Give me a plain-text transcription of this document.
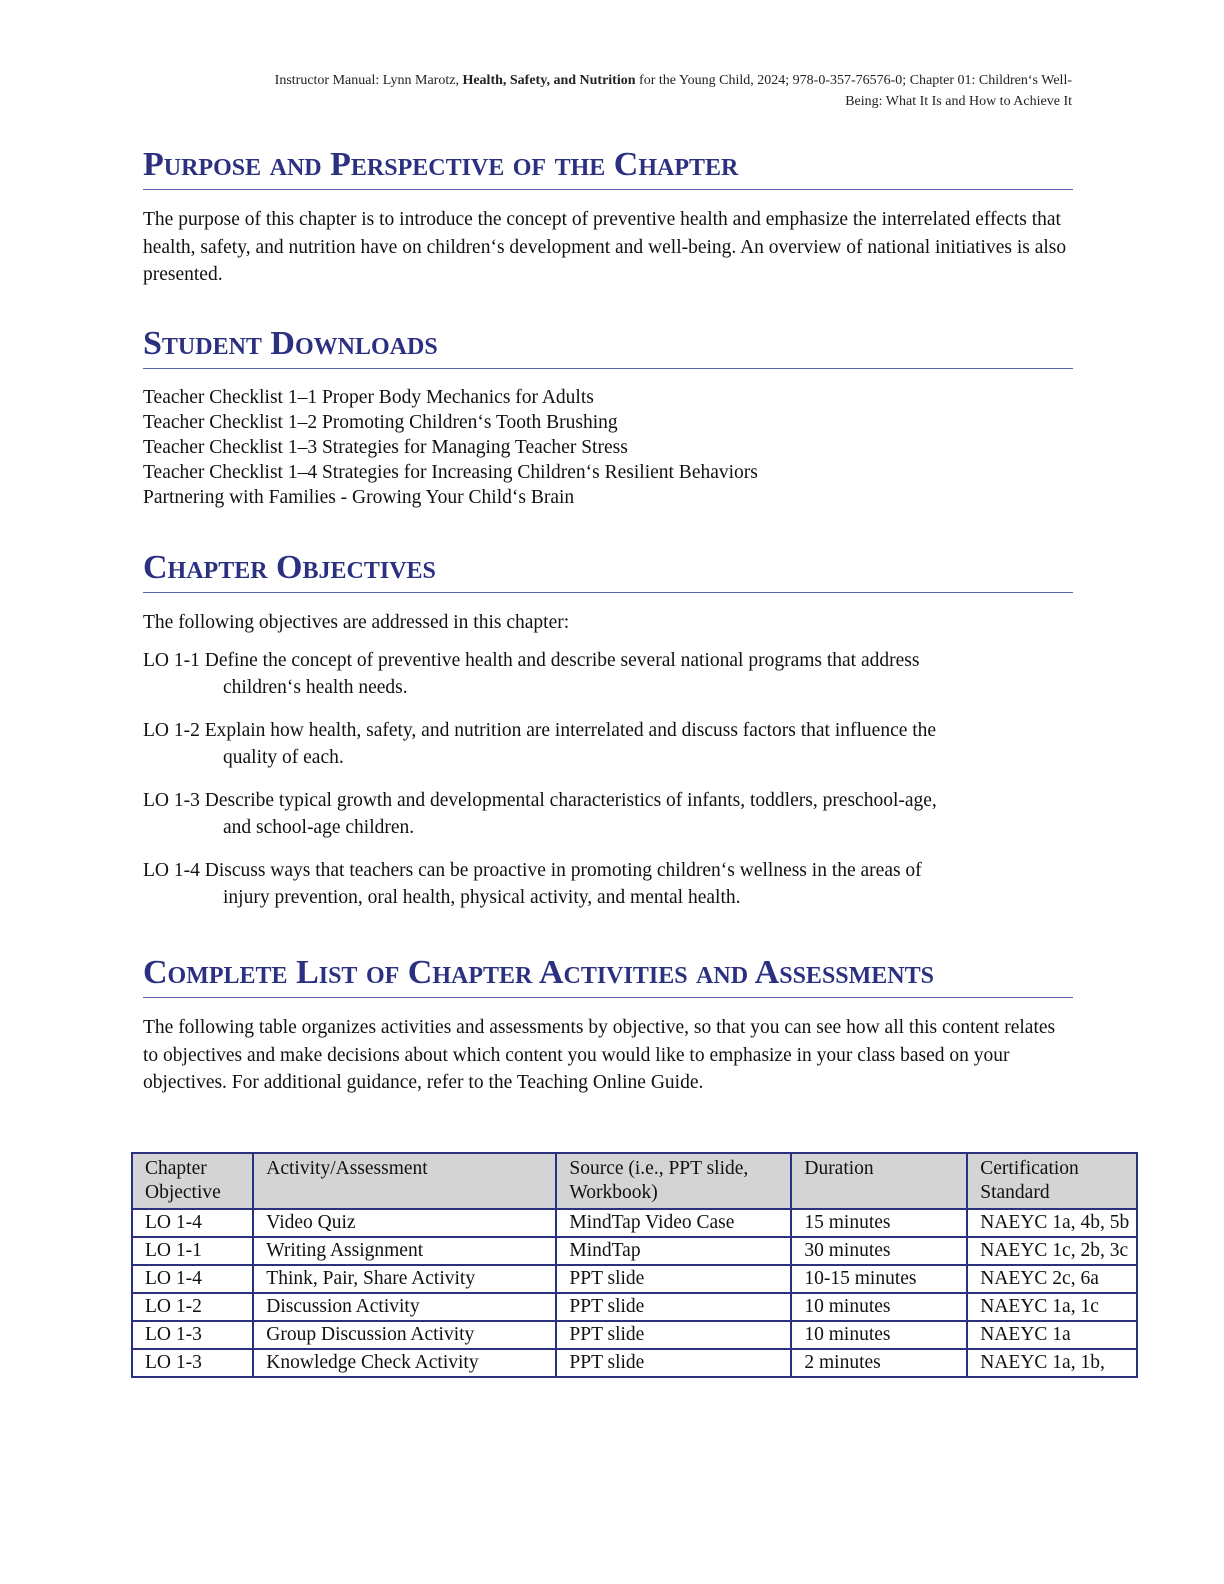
Instructor Manual: Lynn Marotz, Health, Safety, and Nutrition for the Young Child, 2024; 978-0-357-76576-0; Chapter 01: Children‘s Well-
Being: What It Is and How to Achieve It
Purpose and Perspective of the Chapter
The purpose of this chapter is to introduce the concept of preventive health and emphasize the interrelated effects that health, safety, and nutrition have on children‘s development and well-being. An overview of national initiatives is also presented.
Student Downloads
Teacher Checklist 1–1 Proper Body Mechanics for Adults
Teacher Checklist 1–2 Promoting Children‘s Tooth Brushing
Teacher Checklist 1–3 Strategies for Managing Teacher Stress
Teacher Checklist 1–4 Strategies for Increasing Children‘s Resilient Behaviors
Partnering with Families - Growing Your Child‘s Brain
Chapter Objectives
The following objectives are addressed in this chapter:
LO 1-1 Define the concept of preventive health and describe several national programs that address
children‘s health needs.
LO 1-2 Explain how health, safety, and nutrition are interrelated and discuss factors that influence the
quality of each.
LO 1-3 Describe typical growth and developmental characteristics of infants, toddlers, preschool-age,
and school-age children.
LO 1-4 Discuss ways that teachers can be proactive in promoting children‘s wellness in the areas of
injury prevention, oral health, physical activity, and mental health.
Complete List of Chapter Activities and Assessments
The following table organizes activities and assessments by objective, so that you can see how all this content relates to objectives and make decisions about which content you would like to emphasize in your class based on your objectives. For additional guidance, refer to the Teaching Online Guide.
Chapter Objective	Activity/Assessment	Source (i.e., PPT slide, Workbook)	Duration	Certification Standard
LO 1-4	Video Quiz	MindTap Video Case	15 minutes	NAEYC 1a, 4b, 5b
LO 1-1	Writing Assignment	MindTap	30 minutes	NAEYC 1c, 2b, 3c
LO 1-4	Think, Pair, Share Activity	PPT slide	10-15 minutes	NAEYC 2c, 6a
LO 1-2	Discussion Activity	PPT slide	10 minutes	NAEYC 1a, 1c
LO 1-3	Group Discussion Activity	PPT slide	10 minutes	NAEYC 1a
LO 1-3	Knowledge Check Activity	PPT slide	2 minutes	NAEYC 1a, 1b,
